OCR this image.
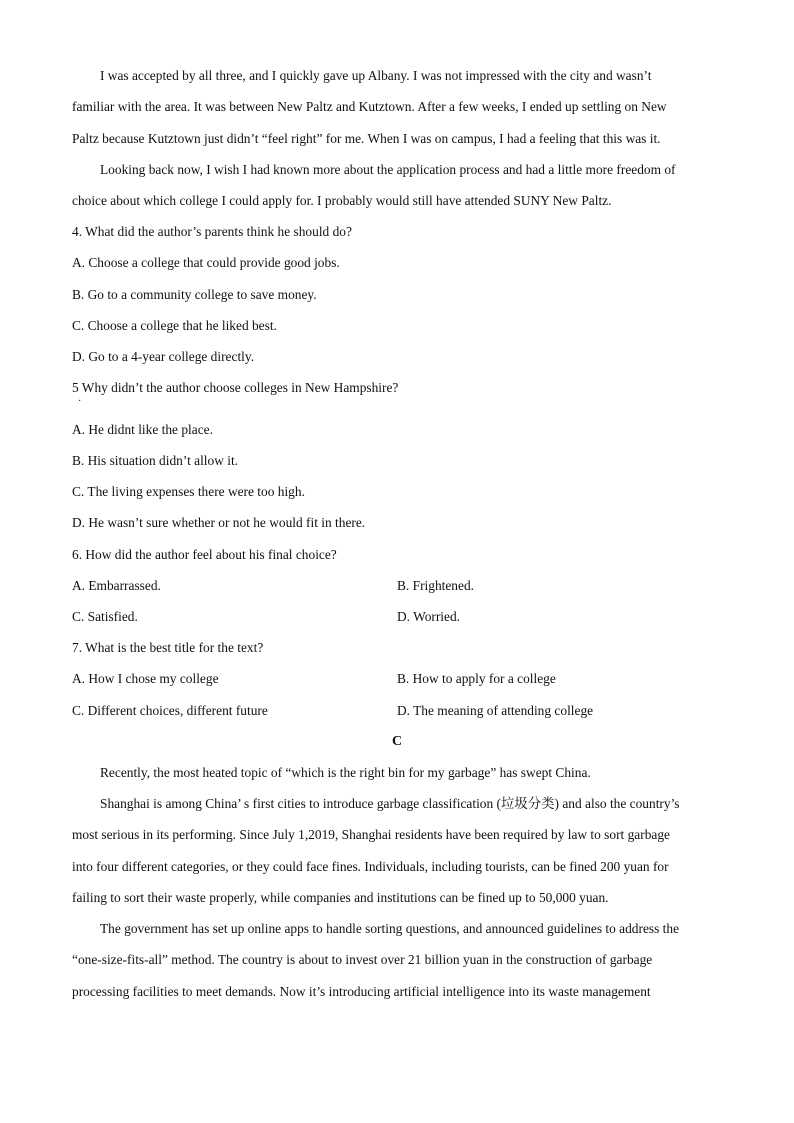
I was accepted by all three, and I quickly gave up Albany. I was not impressed with the city and wasn’t
familiar with the area. It was between New Paltz and Kutztown. After a few weeks, I ended up settling on New
Paltz because Kutztown just didn’t “feel right” for me. When I was on campus, I had a feeling that this was it.
Looking back now, I wish I had known more about the application process and had a little more freedom of
choice about which college I could apply for. I probably would still have attended SUNY New Paltz.
4. What did the author’s parents think he should do?
A. Choose a college that could provide good jobs.
B. Go to a community college to save money.
C. Choose a college that he liked best.
D. Go to a 4-year college directly.
5 Why didn’t the author choose colleges in New Hampshire?
·
A. He didnt like the place.
B. His situation didn’t allow it.
C. The living expenses there were too high.
D. He wasn’t sure whether or not he would fit in there.
6. How did the author feel about his final choice?
A. Embarrassed.	B. Frightened.
C. Satisfied.	D. Worried.
7. What is the best title for the text?
A. How I chose my college	B. How to apply for a college
C. Different choices, different future	D. The meaning of attending college
C
Recently, the most heated topic of “which is the right bin for my garbage” has swept China.
Shanghai is among China’ s first cities to introduce garbage classification (垃圾分类) and also the country’s
most serious in its performing. Since July 1,2019, Shanghai residents have been required by law to sort garbage
into four different categories, or they could face fines. Individuals, including tourists, can be fined 200 yuan for
failing to sort their waste properly, while companies and institutions can be fined up to 50,000 yuan.
The government has set up online apps to handle sorting questions, and announced guidelines to address the
“one-size-fits-all” method. The country is about to invest over 21 billion yuan in the construction of garbage
processing facilities to meet demands. Now it’s introducing artificial intelligence into its waste management
